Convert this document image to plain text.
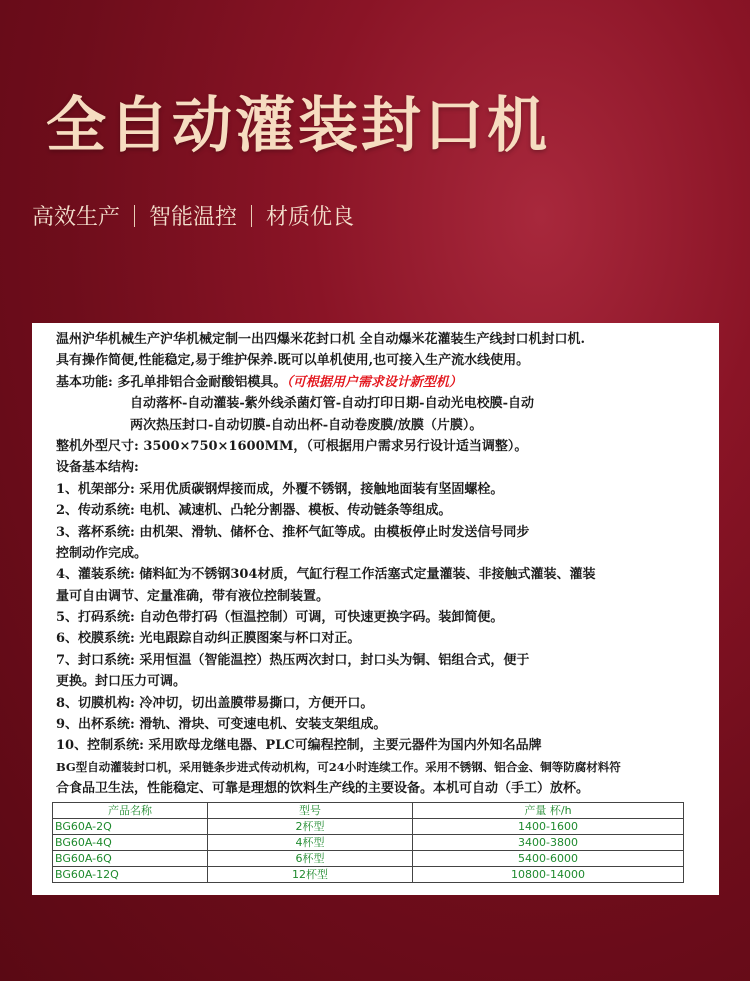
全自动灌装封口机
高效生产 智能温控 材质优良
温州沪华机械生产沪华机械定制一出四爆米花封口机 全自动爆米花灌装生产线封口机封口机.
具有操作简便,性能稳定,易于维护保养.既可以单机使用,也可接入生产流水线使用。
基本功能: 多孔单排铝合金耐酸铝模具。（可根据用户需求设计新型机）
自动落杯-自动灌装-紫外线杀菌灯管-自动打印日期-自动光电校膜-自动
两次热压封口-自动切膜-自动出杯-自动卷废膜/放膜（片膜）。
整机外型尺寸: 3500×750×1600MM，（可根据用户需求另行设计适当调整）。
设备基本结构:
1、机架部分: 采用优质碳钢焊接而成，外覆不锈钢，接触地面装有坚固螺栓。
2、传动系统: 电机、减速机、凸轮分割器、模板、传动链条等组成。
3、落杯系统: 由机架、滑轨、储杯仓、推杯气缸等成。由模板停止时发送信号同步
控制动作完成。
4、灌装系统: 储料缸为不锈钢304材质，气缸行程工作活塞式定量灌装、非接触式灌装、灌装
量可自由调节、定量准确，带有液位控制装置。
5、打码系统: 自动色带打码（恒温控制）可调，可快速更换字码。装卸简便。
6、校膜系统: 光电跟踪自动纠正膜图案与杯口对正。
7、封口系统: 采用恒温（智能温控）热压两次封口，封口头为铜、铝组合式，便于
更换。封口压力可调。
8、切膜机构: 冷冲切，切出盖膜带易撕口，方便开口。
9、出杯系统: 滑轨、滑块、可变速电机、安装支架组成。
10、控制系统: 采用欧母龙继电器、PLC可编程控制，主要元器件为国内外知名品牌
BG型自动灌装封口机，采用链条步进式传动机构，可24小时连续工作。采用不锈钢、铝合金、铜等防腐材料符
合食品卫生法，性能稳定、可靠是理想的饮料生产线的主要设备。本机可自动（手工）放杯。
产品名称	型号	产量 杯/h
BG60A-2Q	2杯型	1400-1600
BG60A-4Q	4杯型	3400-3800
BG60A-6Q	6杯型	5400-6000
BG60A-12Q	12杯型	10800-14000
